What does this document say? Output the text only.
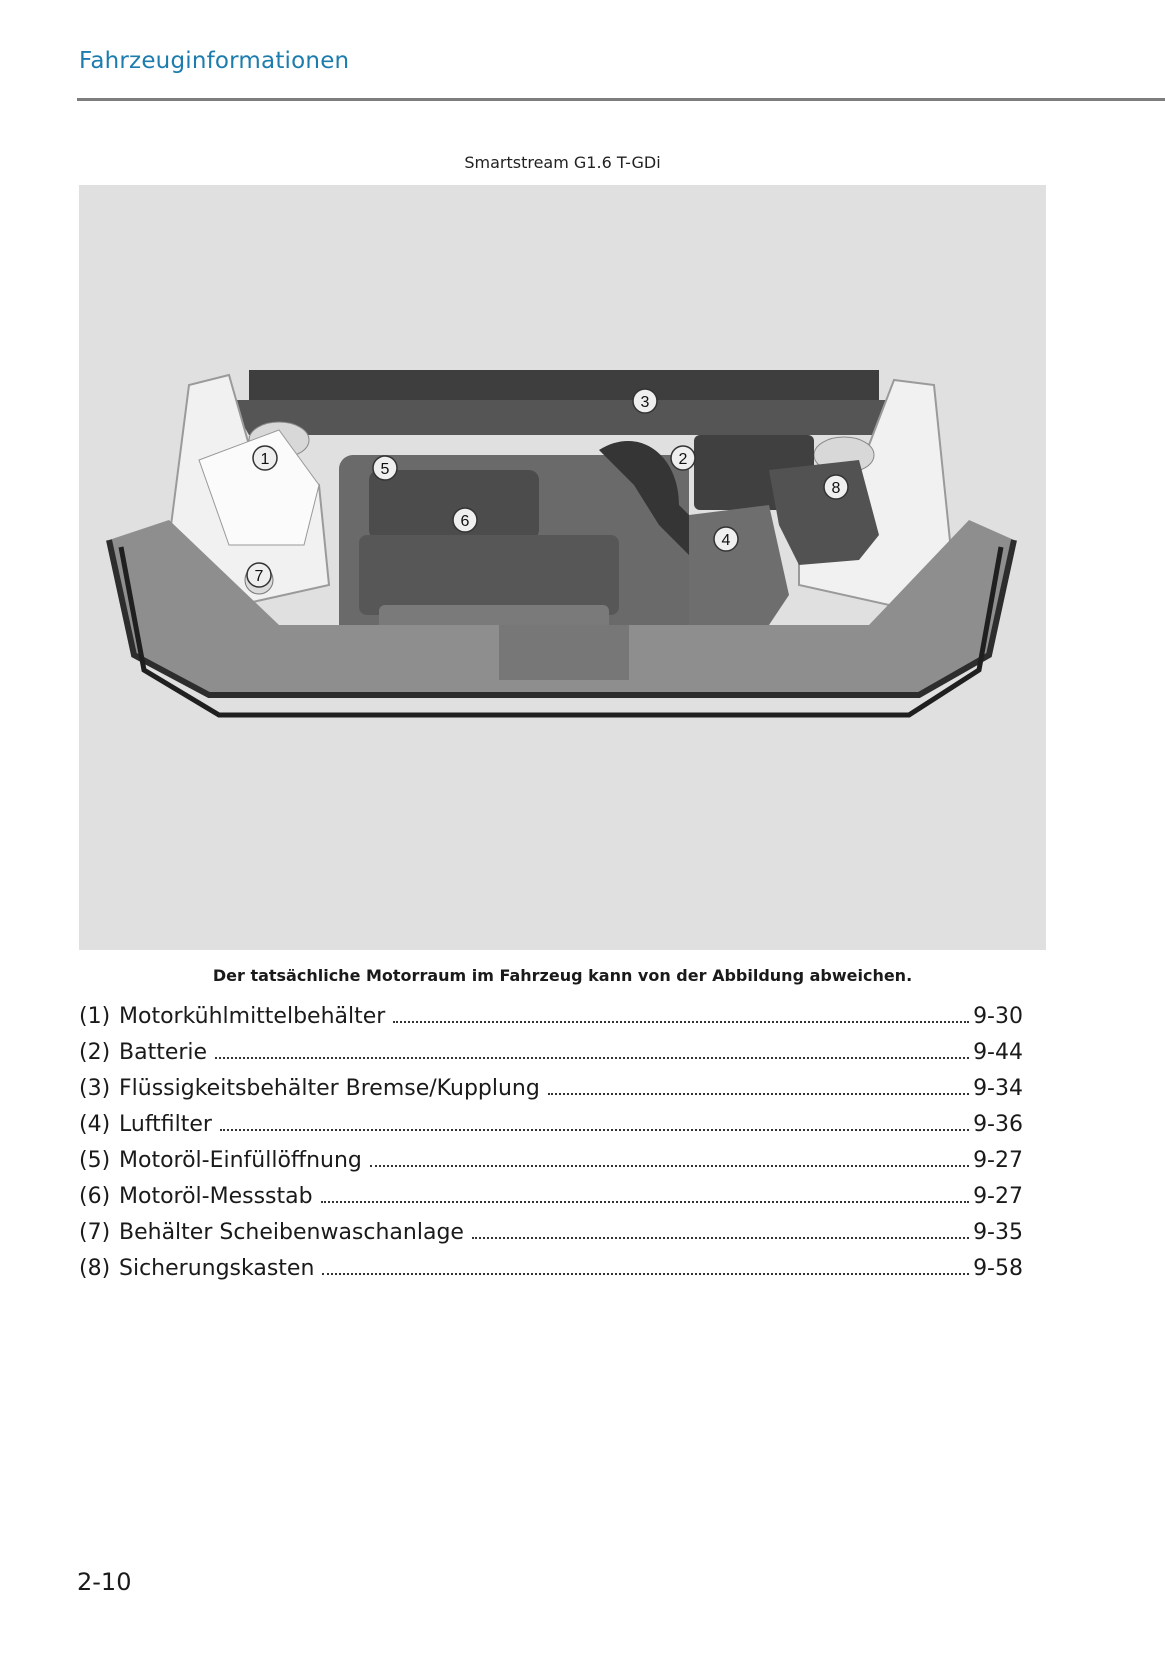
Fahrzeuginformationen
Smartstream G1.6 T-GDi
1	2
3
4
5
6
7
8
Der tatsächliche Motorraum im Fahrzeug kann von der Abbildung abweichen.
(1) Motorkühlmittelbehälter	9-30
(2) Batterie	9-44
(3) Flüssigkeitsbehälter Bremse/Kupplung	9-34
(4) Luftfilter	9-36
(5) Motoröl-Einfüllöffnung	9-27
(6) Motoröl-Messstab	9-27
(7) Behälter Scheibenwaschanlage	9-35
(8) Sicherungskasten	9-58
2-10
